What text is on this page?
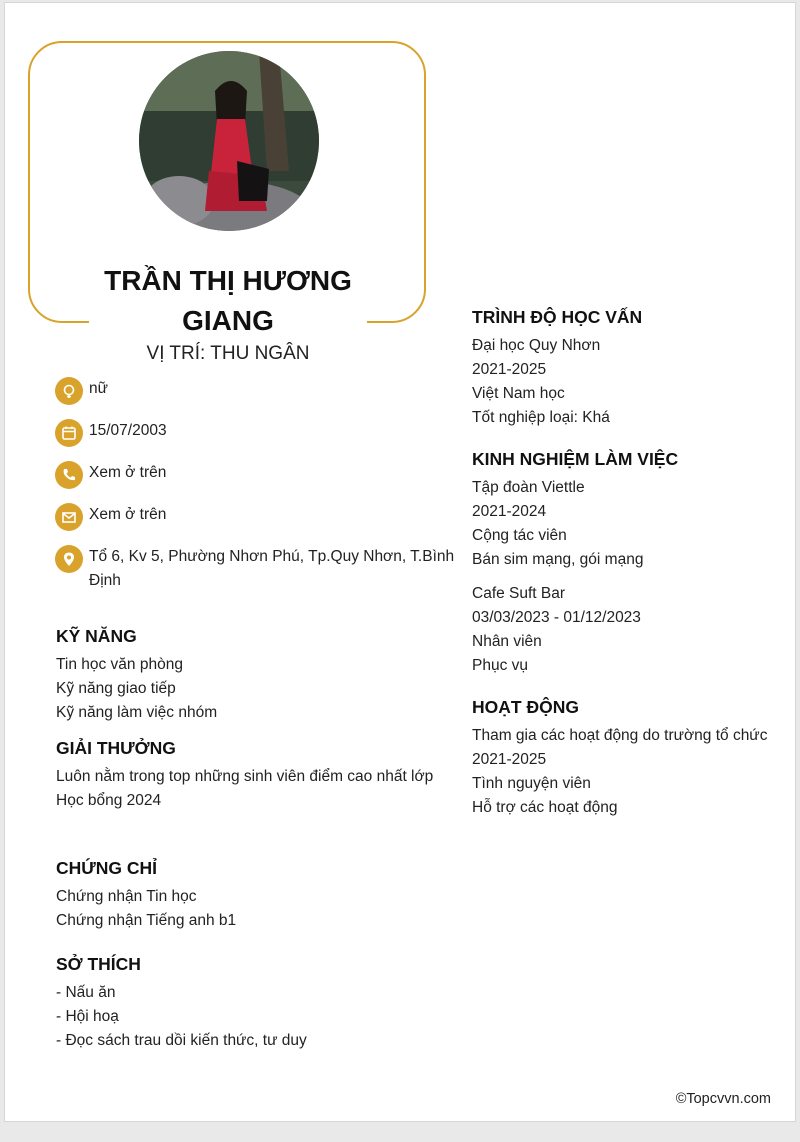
TRẦN THỊ HƯƠNG GIANG
VỊ TRÍ: THU NGÂN
nữ
15/07/2003
Xem ở trên
Xem ở trên
Tổ 6, Kv 5, Phường Nhơn Phú, Tp.Quy Nhơn, T.Bình Định
KỸ NĂNG

Tin học văn phòng

Kỹ năng giao tiếp

Kỹ năng làm việc nhóm

GIẢI THƯỞNG

Luôn nằm trong top những sinh viên điểm cao nhất lớp

Học bổng 2024

CHỨNG CHỈ

Chứng nhận Tin học

Chứng nhận Tiếng anh b1

SỞ THÍCH

- Nấu ăn

- Hội hoạ

- Đọc sách trau dồi kiến thức, tư duy

TRÌNH ĐỘ HỌC VẤN

Đại học Quy Nhơn

2021-2025

Việt Nam học

Tốt nghiệp loại: Khá

KINH NGHIỆM LÀM VIỆC

Tập đoàn Viettle

2021-2024

Cộng tác viên

Bán sim mạng, gói mạng

Cafe Suft Bar

03/03/2023 - 01/12/2023

Nhân viên

Phục vụ

HOẠT ĐỘNG

Tham gia các hoạt động do trường tổ chức

2021-2025

Tình nguyện viên

Hỗ trợ các hoạt động

©Topcvvn.com
